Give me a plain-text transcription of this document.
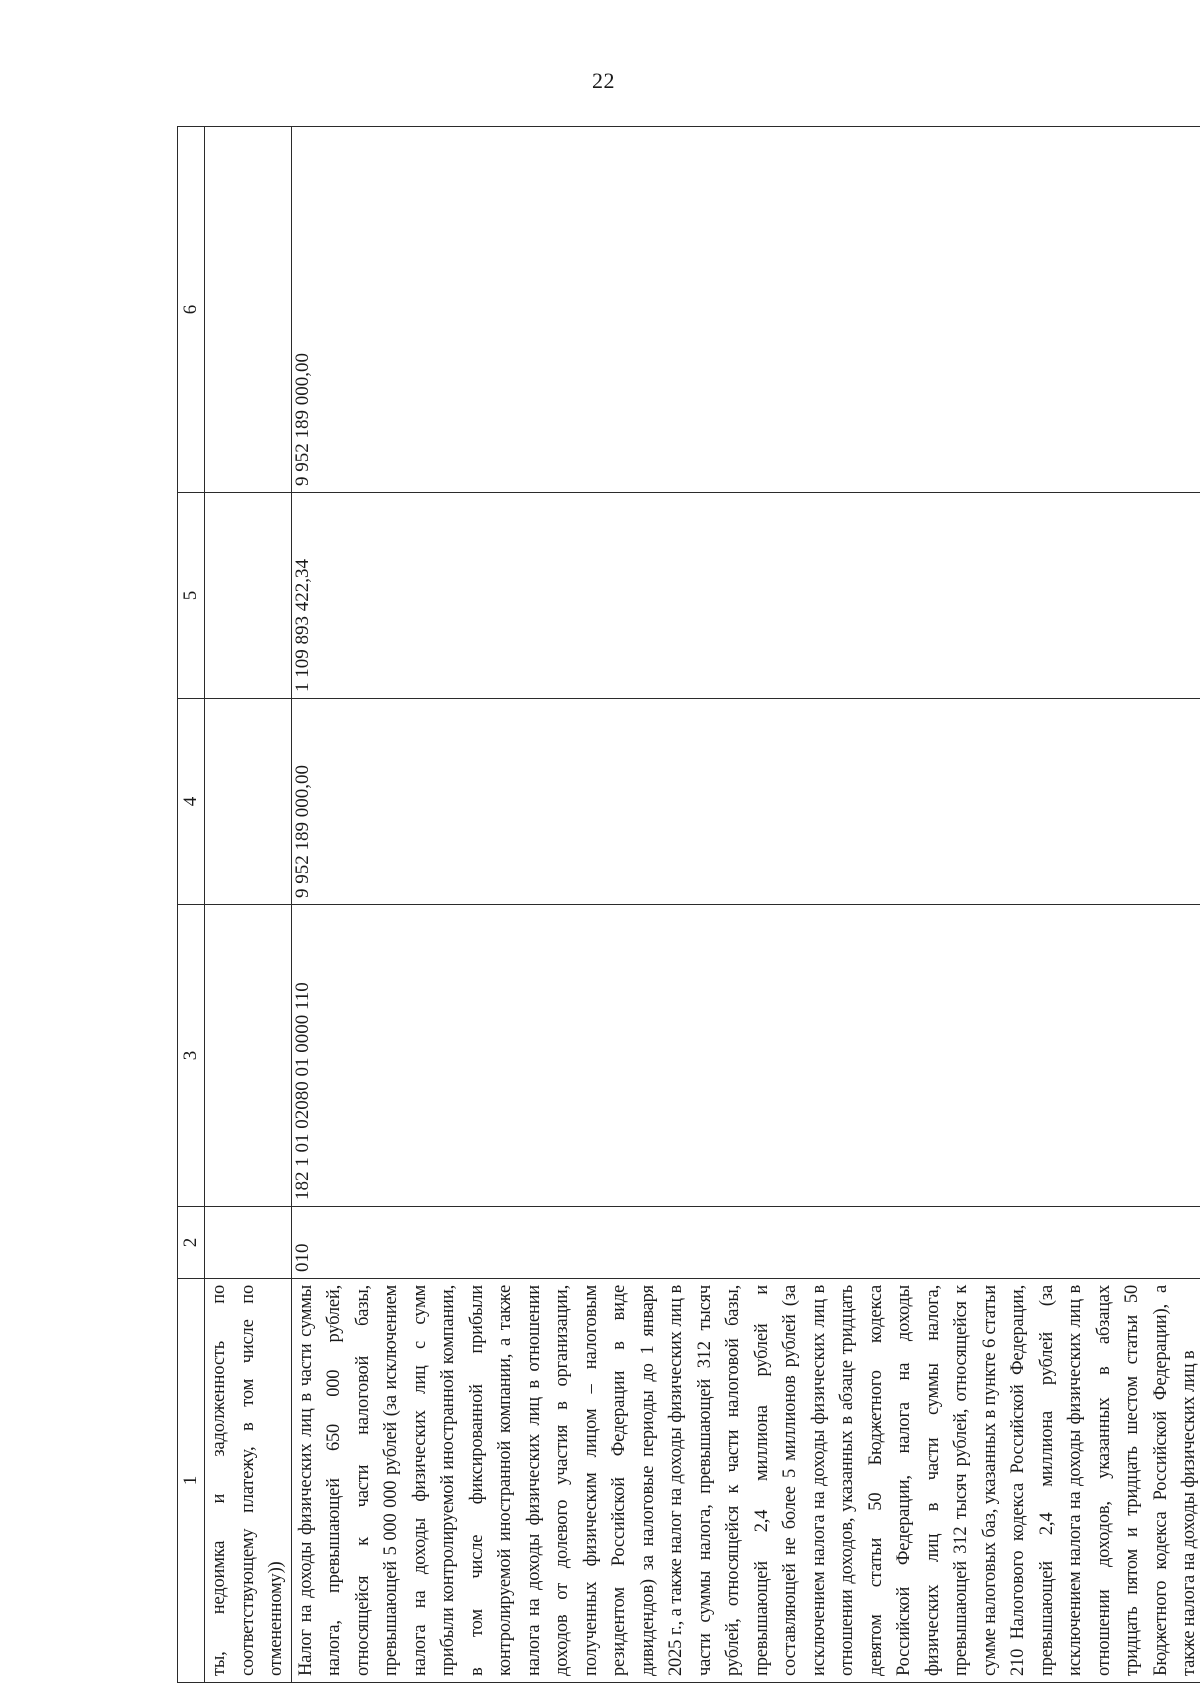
22
1	2	3	4	5	6
ты, недоимка и задолженность по соответствующему платежу, в том числе по отмененному))					
Налог на доходы физических лиц в части суммы налога, превышающей 650 000 рублей, относящейся к части налоговой базы, превышающей 5 000 000 рублей (за исключением налога на доходы физических лиц с сумм прибыли контролируемой иностранной компании, в том числе фиксированной прибыли контролируемой иностранной компании, а также налога на доходы физических лиц в отношении доходов от долевого участия в организации, полученных физическим лицом – налоговым резидентом Российской Федерации в виде дивидендов) за налоговые периоды до 1 января 2025 г., а также налог на доходы физических лиц в части суммы налога, превышающей 312 тысяч рублей, относящейся к части налоговой базы, превышающей 2,4 миллиона рублей и составляющей не более 5 миллионов рублей (за исключением налога на доходы физических лиц в отношении доходов, указанных в абзаце тридцать девятом статьи 50 Бюджетного кодекса Российской Федерации, налога на доходы физических лиц в части суммы налога, превышающей 312 тысяч рублей, относящейся к сумме налоговых баз, указанных в пункте 6 статьи 210 Налогового кодекса Российской Федерации, превышающей 2,4 миллиона рублей (за исключением налога на доходы физических лиц в отношении доходов, указанных в абзацах тридцать пятом и тридцать шестом статьи 50 Бюджетного кодекса Российской Федерации), а также налога на доходы физических лиц в	010	182 1 01 02080 01 0000 110	9 952 189 000,00	1 109 893 422,34	9 952 189 000,00
